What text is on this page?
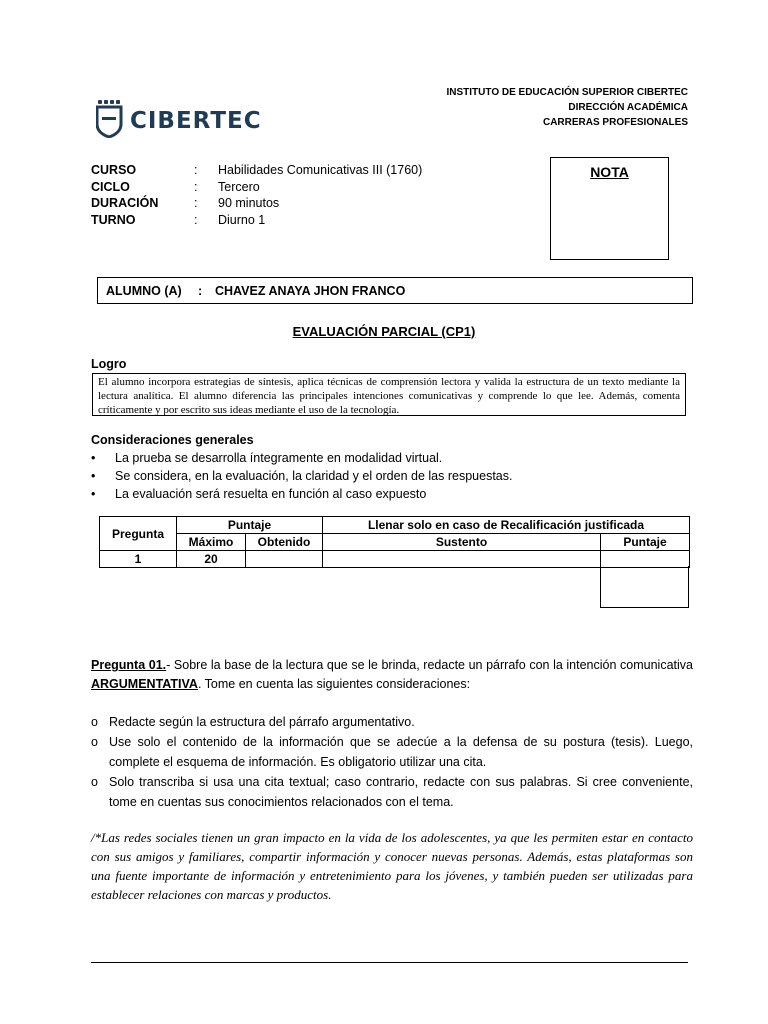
CIBERTEC
INSTITUTO DE EDUCACIÓN SUPERIOR CIBERTEC
DIRECCIÓN ACADÉMICA
CARRERAS PROFESIONALES
CURSO	:	Habilidades Comunicativas III (1760)
CICLO	:	Tercero
DURACIÓN	:	90 minutos
TURNO	:	Diurno 1
NOTA
ALUMNO (A)	:	CHAVEZ ANAYA JHON FRANCO
EVALUACIÓN PARCIAL (CP1)
Logro
El alumno incorpora estrategias de síntesis, aplica técnicas de comprensión lectora y valida la estructura de un texto mediante la lectura analítica. El alumno diferencia las principales intenciones comunicativas y comprende lo que lee. Además, comenta críticamente y por escrito sus ideas mediante el uso de la tecnología.
Consideraciones generales
• La prueba se desarrolla íntegramente en modalidad virtual.
• Se considera, en la evaluación, la claridad y el orden de las respuestas.
• La evaluación será resuelta en función al caso expuesto
Pregunta	Puntaje		Llenar solo en caso de Recalificación justificada	
	Máximo	Obtenido	Sustento	Puntaje
1	20			
Pregunta 01.- Sobre la base de la lectura que se le brinda, redacte un párrafo con la intención comunicativa ARGUMENTATIVA. Tome en cuenta las siguientes consideraciones:
o Redacte según la estructura del párrafo argumentativo.
o Use solo el contenido de la información que se adecúe a la defensa de su postura (tesis). Luego, complete el esquema de información. Es obligatorio utilizar una cita.
o Solo transcriba si usa una cita textual; caso contrario, redacte con sus palabras. Si cree conveniente, tome en cuentas sus conocimientos relacionados con el tema.
/*Las redes sociales tienen un gran impacto en la vida de los adolescentes, ya que les permiten estar en contacto con sus amigos y familiares, compartir información y conocer nuevas personas. Además, estas plataformas son una fuente importante de información y entretenimiento para los jóvenes, y también pueden ser utilizadas para establecer relaciones con marcas y productos.
